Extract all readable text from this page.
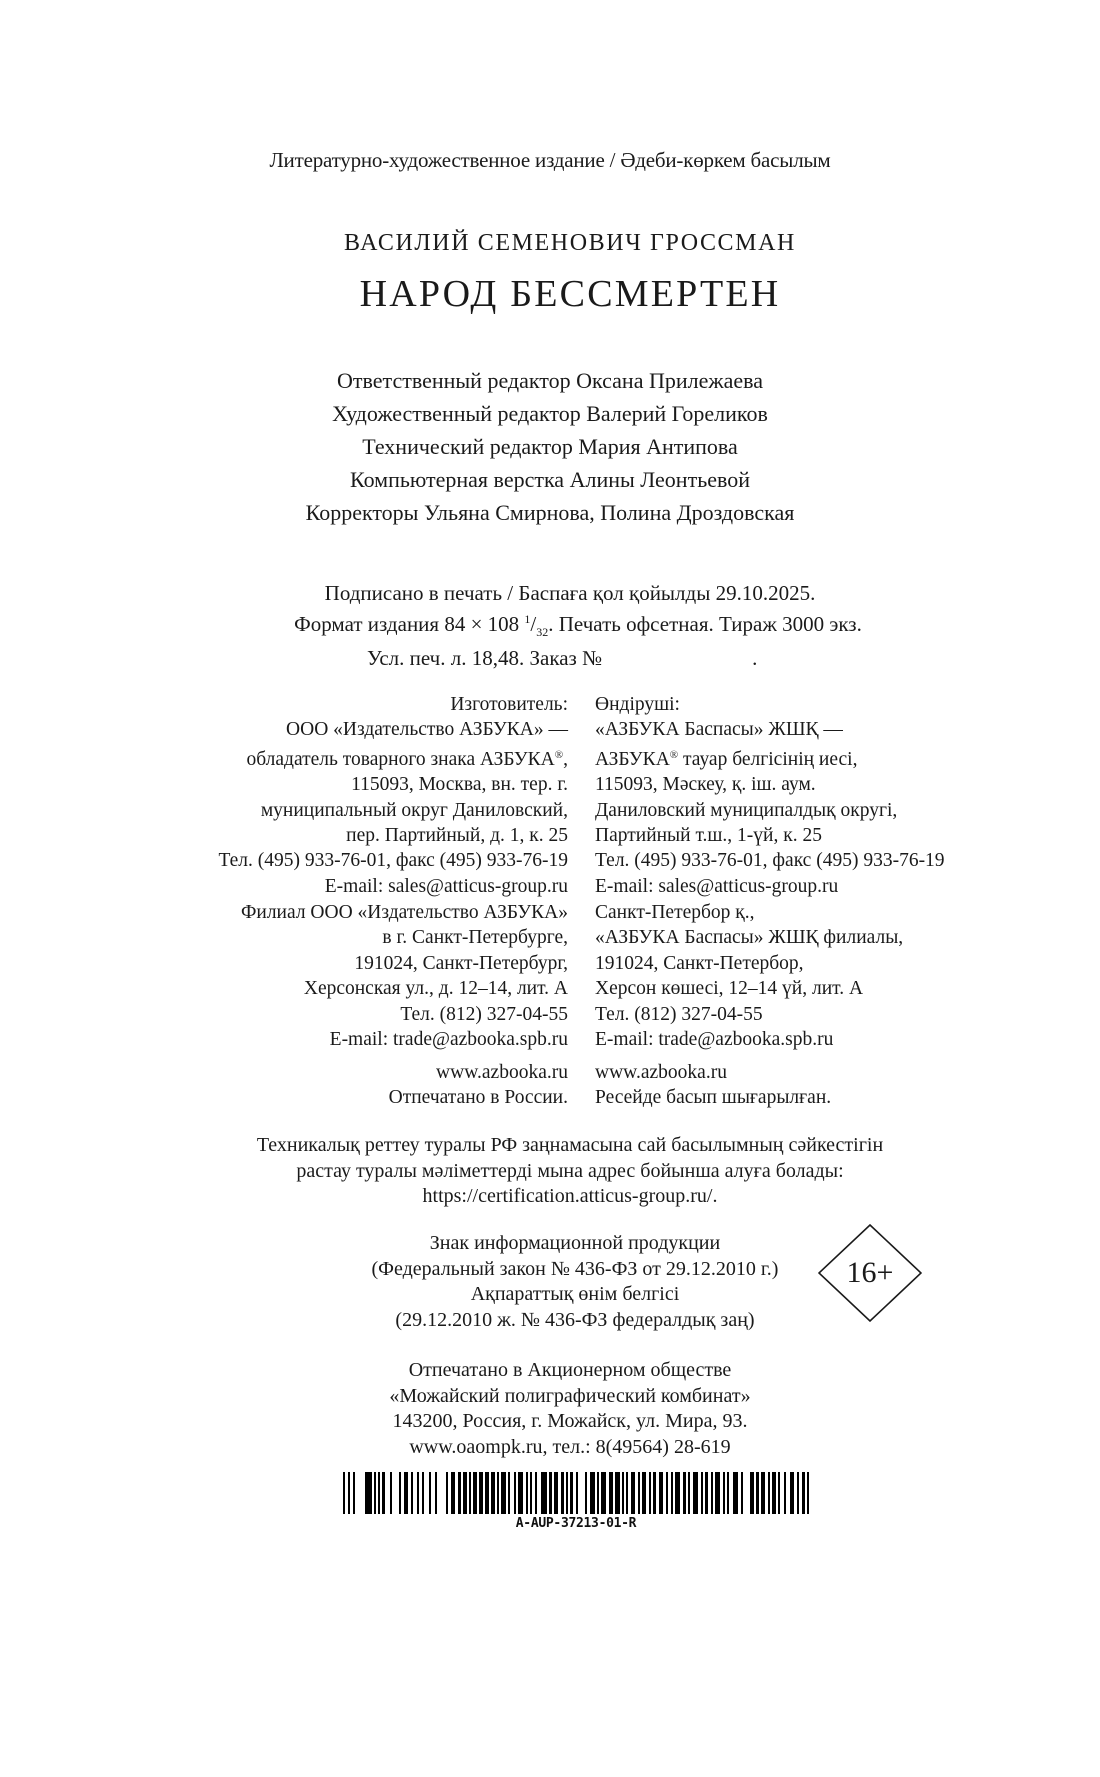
Литературно-художественное издание / Әдеби-көркем басылым
ВАСИЛИЙ СЕМЕНОВИЧ ГРОССМАН
НАРОД БЕССМЕРТЕН
Ответственный редактор Оксана Прилежаева
Художественный редактор Валерий Гореликов
Технический редактор Мария Антипова
Компьютерная верстка Алины Леонтьевой
Корректоры Ульяна Смирнова, Полина Дроздовская
Подписано в печать / Баспаға қол қойылды 29.10.2025.
Формат издания 84 × 108 $^1/_{32}$. Печать офсетная. Тираж 3000 экз.
Усл. печ. л. 18,48. Заказ №	.
Изготовитель:
ООО «Издательство АЗБУКА» —
обладатель товарного знака АЗБУКА®,
115093, Москва, вн. тер. г.
муниципальный округ Даниловский,
пер. Партийный, д. 1, к. 25
Тел. (495) 933-76-01, факс (495) 933-76-19
E-mail: sales@atticus-group.ru
Өндіруші:
«АЗБУКА Баспасы» ЖШҚ —
АЗБУКА® тауар белгісінің иесі,
115093, Мәскеу, қ. іш. аум.
Даниловский муниципалдық округі,
Партийный т.ш., 1-үй, к. 25
Тел. (495) 933-76-01, факс (495) 933-76-19
E-mail: sales@atticus-group.ru
Филиал ООО «Издательство АЗБУКА»
в г. Санкт-Петербурге,
191024, Санкт-Петербург,
Херсонская ул., д. 12–14, лит. А
Тел. (812) 327-04-55
E-mail: trade@azbooka.spb.ru
Санкт-Петербор қ.,
«АЗБУКА Баспасы» ЖШҚ филиалы,
191024, Санкт-Петербор,
Херсон көшесі, 12–14 үй, лит. А
Тел. (812) 327-04-55
E-mail: trade@azbooka.spb.ru
www.azbooka.ru
Отпечатано в России.
www.azbooka.ru
Ресейде басып шығарылған.
Техникалық реттеу туралы РФ заңнамасына сай басылымның сәйкестігін
растау туралы мәліметтерді мына адрес бойынша алуға болады:
https://certification.atticus-group.ru/.
Знак информационной продукции
(Федеральный закон № 436-ФЗ от 29.12.2010 г.)
Ақпараттық өнім белгісі
(29.12.2010 ж. № 436-ФЗ федералдық заң)
16+
Отпечатано в Акционерном обществе
«Можайский полиграфический комбинат»
143200, Россия, г. Можайск, ул. Мира, 93.
www.oaompk.ru, тел.: 8(49564) 28-619
A-AUP-37213-01-R
